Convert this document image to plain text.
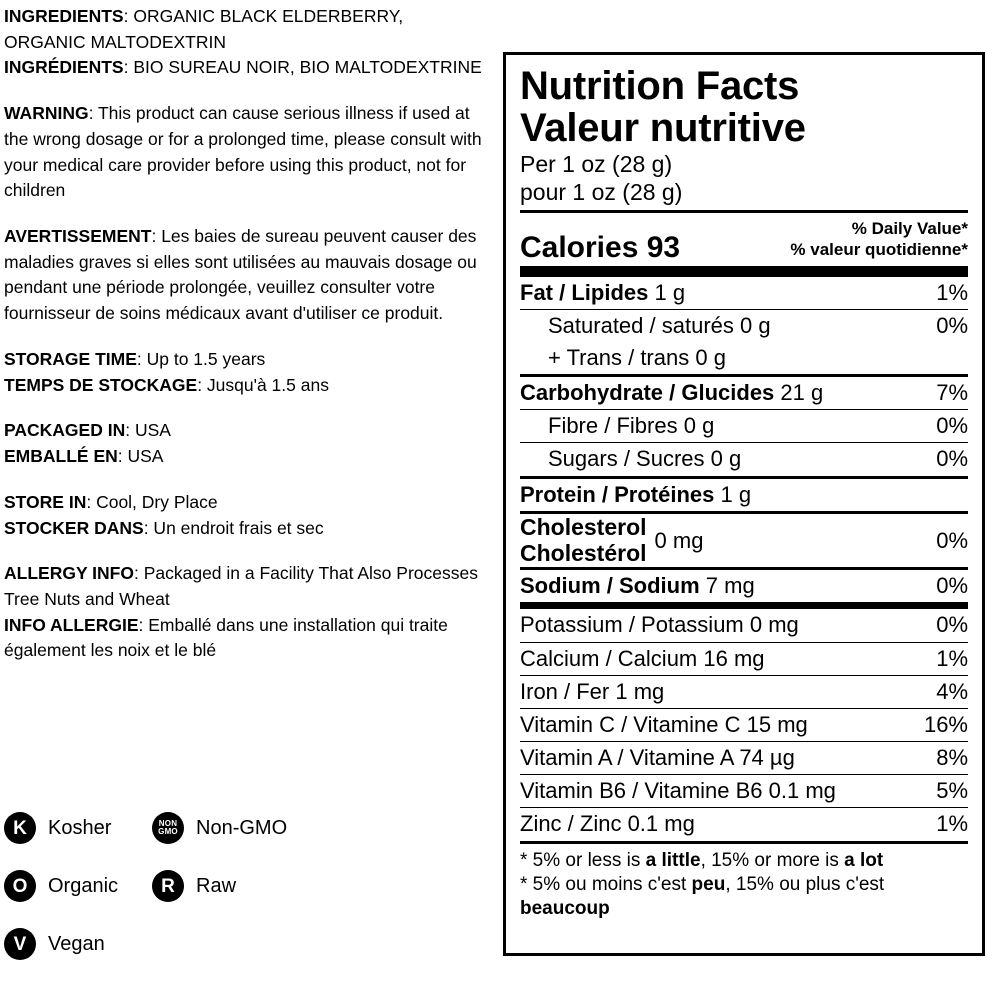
INGREDIENTS: ORGANIC BLACK ELDERBERRY, ORGANIC MALTODEXTRIN
INGRÉDIENTS: BIO SUREAU NOIR, BIO MALTODEXTRINE

WARNING: This product can cause serious illness if used at the wrong dosage or for a prolonged time, please consult with your medical care provider before using this product, not for children

AVERTISSEMENT: Les baies de sureau peuvent causer des maladies graves si elles sont utilisées au mauvais dosage ou pendant une période prolongée, veuillez consulter votre fournisseur de soins médicaux avant d'utiliser ce produit.

STORAGE TIME: Up to 1.5 years
TEMPS DE STOCKAGE: Jusqu'à 1.5 ans

PACKAGED IN: USA
EMBALLÉ EN: USA

STORE IN: Cool, Dry Place
STOCKER DANS: Un endroit frais et sec

ALLERGY INFO: Packaged in a Facility That Also Processes Tree Nuts and Wheat
INFO ALLERGIE: Emballé dans une installation qui traite également les noix et le blé

K	Kosher	NON
GMO Non-GMO
O	Organic	R	Raw
V	Vegan
Nutrition Facts
Valeur nutritive
Per 1 oz (28 g)
pour 1 oz (28 g)
Calories 93
% Daily Value*
% valeur quotidienne*
Fat / Lipides 1 g	1%
Saturated / saturés 0 g	0%
+ Trans / trans 0 g
Carbohydrate / Glucides 21 g	7%
Fibre / Fibres 0 g	0%
Sugars / Sucres 0 g	0%
Protein / Protéines 1 g
Cholesterol
Cholestérol 0 mg	0%
Sodium / Sodium 7 mg	0%
Potassium / Potassium 0 mg	0%
Calcium / Calcium 16 mg	1%
Iron / Fer 1 mg	4%
Vitamin C / Vitamine C 15 mg	16%
Vitamin A / Vitamine A 74 µg	8%
Vitamin B6 / Vitamine B6 0.1 mg	5%
Zinc / Zinc 0.1 mg	1%
* 5% or less is a little, 15% or more is a lot
* 5% ou moins c'est peu, 15% ou plus c'est beaucoup
